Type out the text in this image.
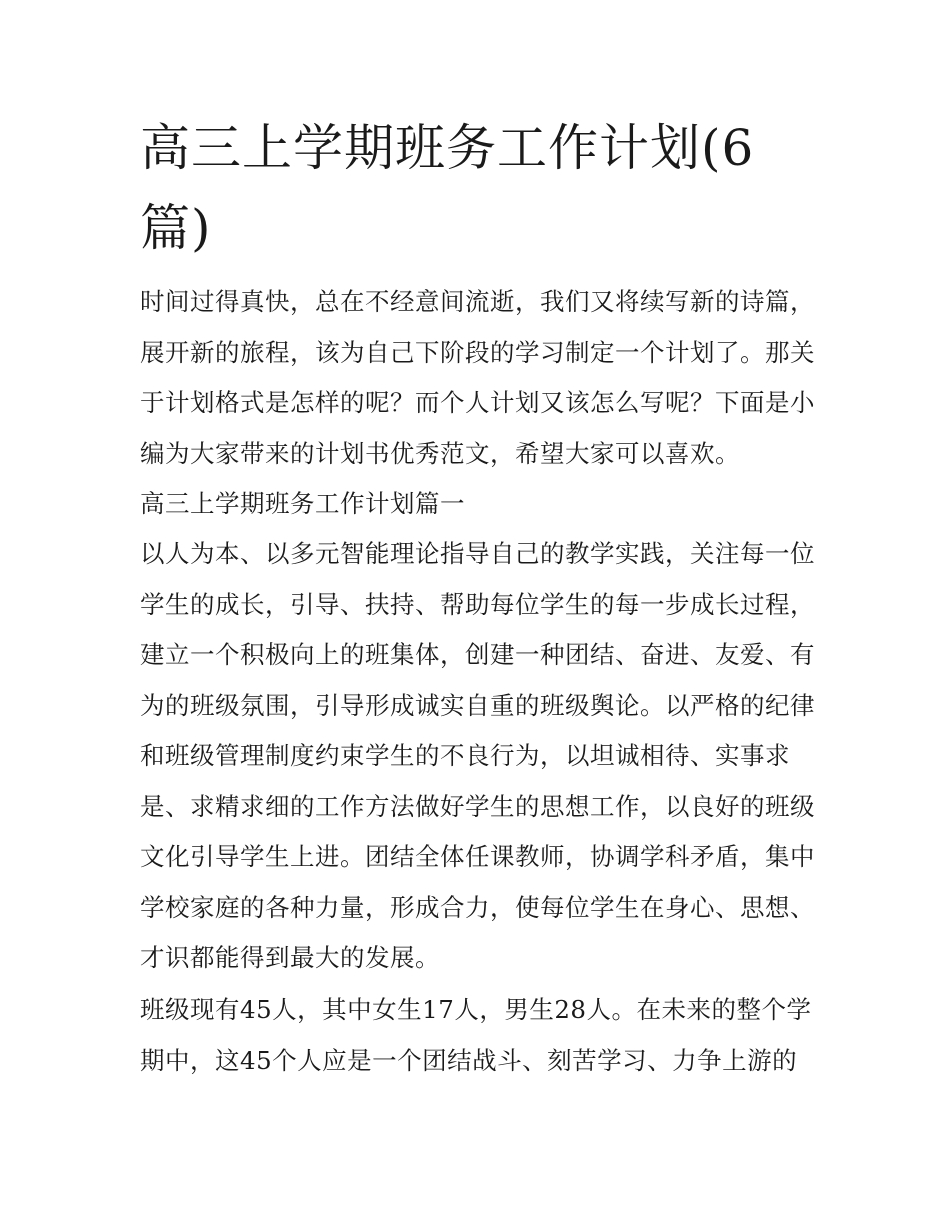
高三上学期班务工作计划(6篇)

时间过得真快，总在不经意间流逝，我们又将续写新的诗篇，展开新的旅程，该为自己下阶段的学习制定一个计划了。那关于计划格式是怎样的呢？而个人计划又该怎么写呢？下面是小编为大家带来的计划书优秀范文，希望大家可以喜欢。

高三上学期班务工作计划篇一

以人为本、以多元智能理论指导自己的教学实践，关注每一位学生的成长，引导、扶持、帮助每位学生的每一步成长过程，建立一个积极向上的班集体，创建一种团结、奋进、友爱、有为的班级氛围，引导形成诚实自重的班级舆论。以严格的纪律和班级管理制度约束学生的不良行为，以坦诚相待、实事求是、求精求细的工作方法做好学生的思想工作，以良好的班级文化引导学生上进。团结全体任课教师，协调学科矛盾，集中学校家庭的各种力量，形成合力，使每位学生在身心、思想、才识都能得到最大的发展。

班级现有45人，其中女生17人，男生28人。在未来的整个学期中，这45个人应是一个团结战斗、刻苦学习、力争上游的
